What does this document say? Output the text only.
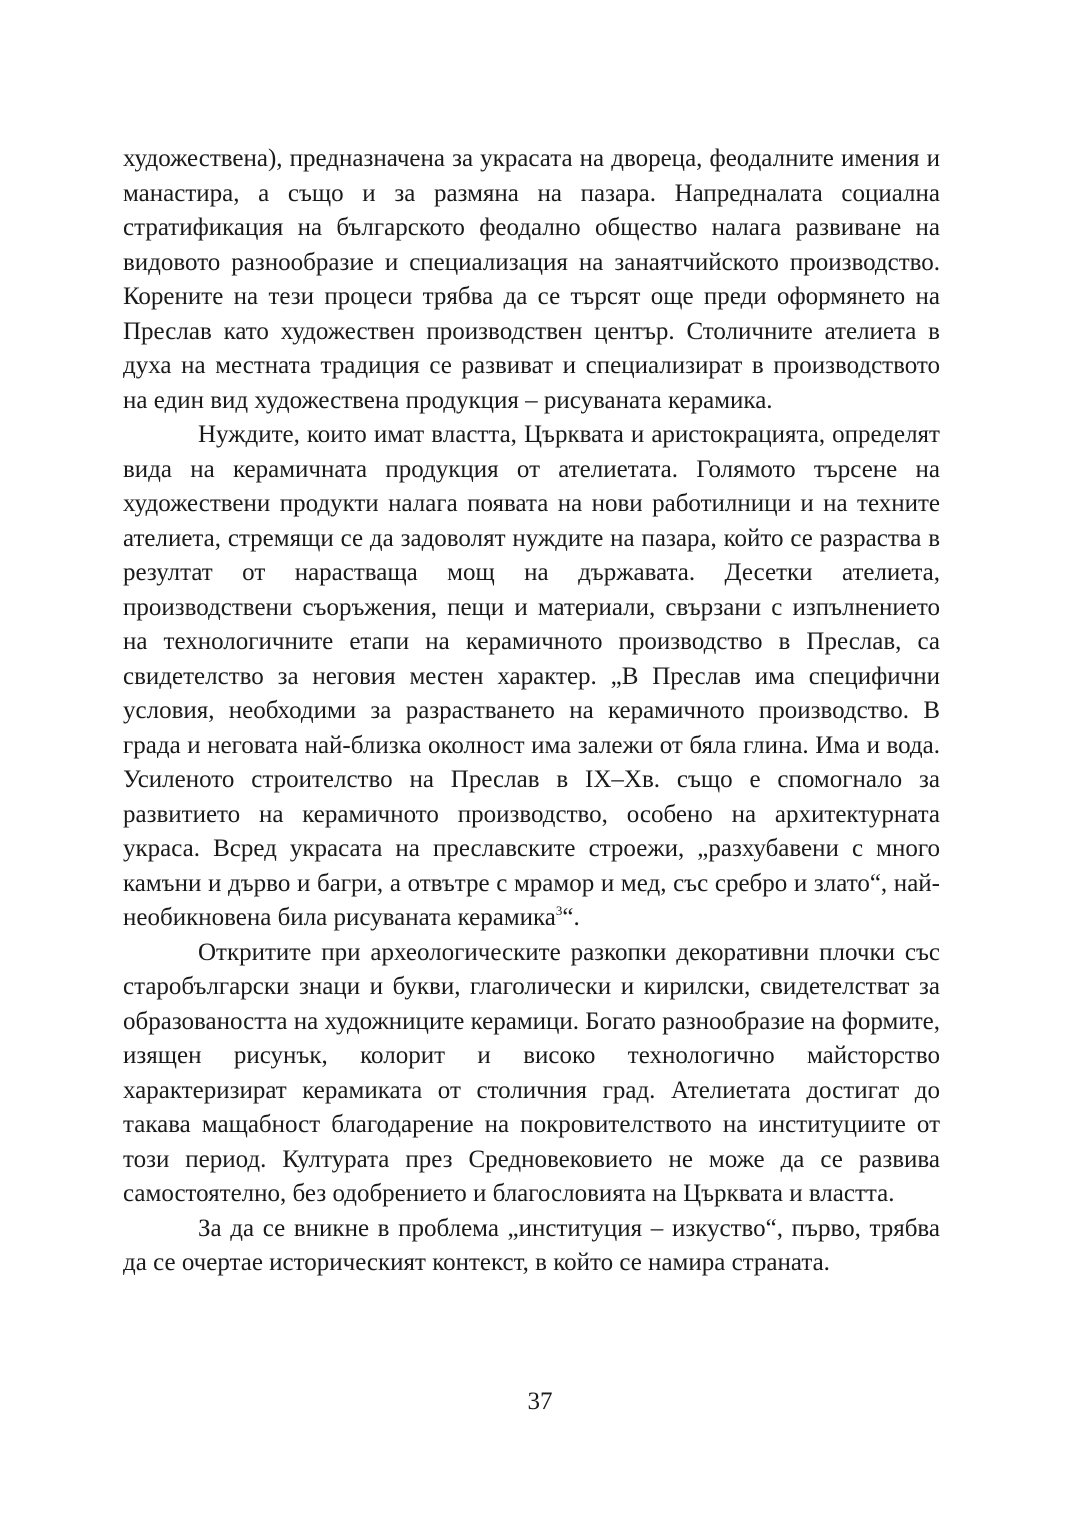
художествена), предназначена за украсата на двореца, феодалните имения и манастира, а също и за размяна на пазара. Напредналата социална стратификация на българското феодално общество налага развиване на видовото разнообразие и специализация на занаятчийското производство. Корените на тези процеси трябва да се търсят още преди оформянето на Преслав като художествен производствен център. Столичните ателиета в духа на местната традиция се развиват и специализират в производството на един вид художествена продукция – рисуваната керамика.

Нуждите, които имат властта, Църквата и аристокрацията, определят вида на керамичната продукция от ателиетата. Голямото търсене на художествени продукти налага появата на нови работилници и на техните ателиета, стремящи се да задоволят нуждите на пазара, който се разраства в резултат от нарастваща мощ на държавата. Десетки ателиета, производствени съоръжения, пещи и материали, свързани с изпълнението на технологичните етапи на керамичното производство в Преслав, са свидетелство за неговия местен характер. „В Преслав има специфични условия, необходими за разрастването на керамичното производство. В града и неговата най-близка околност има залежи от бяла глина. Има и вода. Усиленото строителство на Преслав в IX–Хв. също е спомогнало за развитието на керамичното производство, особено на архитектурната украса. Всред украсата на преславските строежи, „разхубавени с много камъни и дърво и багри, а отвътре с мрамор и мед, със сребро и злато“, най-необикновена била рисуваната керамика$^3$“.

Откритите при археологическите разкопки декоративни плочки със старобългарски знаци и букви, глаголически и кирилски, свидетелстват за образоваността на художниците керамици. Богато разнообразие на формите, изящен рисунък, колорит и високо технологично майсторство характеризират керамиката от столичния град. Ателиетата достигат до такава мащабност благодарение на покровителството на институциите от този период. Културата през Средновековието не може да се развива самостоятелно, без одобрението и благословията на Църквата и властта.

За да се вникне в проблема „институция – изкуство“, първо, трябва да се очертае историческият контекст, в който се намира страната.

37
